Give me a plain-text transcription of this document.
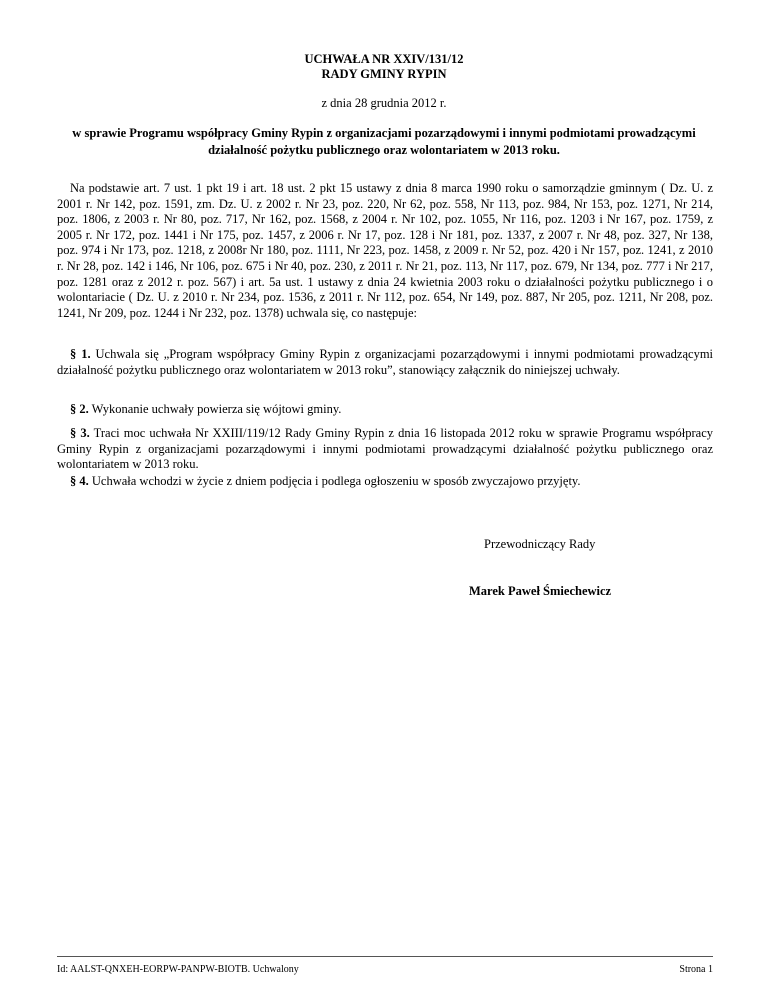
UCHWAŁA NR XXIV/131/12
RADY GMINY RYPIN
z dnia 28 grudnia 2012 r.
w sprawie Programu współpracy Gminy Rypin z organizacjami pozarządowymi i innymi podmiotami prowadzącymi działalność pożytku publicznego oraz wolontariatem w 2013 roku.
Na podstawie art. 7 ust. 1 pkt 19 i art. 18 ust. 2 pkt 15 ustawy z dnia 8 marca 1990 roku o samorządzie gminnym ( Dz. U. z 2001 r. Nr 142, poz. 1591, zm. Dz. U. z 2002 r. Nr 23, poz. 220, Nr 62, poz. 558, Nr 113, poz. 984, Nr 153, poz. 1271, Nr 214, poz. 1806, z 2003 r. Nr 80, poz. 717, Nr 162, poz. 1568, z 2004 r. Nr 102, poz. 1055, Nr 116, poz. 1203 i Nr 167, poz. 1759, z 2005 r. Nr 172, poz. 1441 i Nr 175, poz. 1457, z 2006 r. Nr 17, poz. 128 i Nr 181, poz. 1337, z 2007 r. Nr 48, poz. 327, Nr 138, poz. 974 i Nr 173, poz. 1218, z 2008r Nr 180, poz. 1111, Nr 223, poz. 1458, z 2009 r. Nr 52, poz. 420 i Nr 157, poz. 1241, z 2010 r. Nr 28, poz. 142 i 146, Nr 106, poz. 675 i Nr 40, poz. 230, z 2011 r. Nr 21, poz. 113, Nr 117, poz. 679, Nr 134, poz. 777 i Nr 217, poz. 1281 oraz z 2012 r. poz. 567) i art. 5a ust. 1 ustawy z dnia 24 kwietnia 2003 roku o działalności pożytku publicznego i o wolontariacie ( Dz. U. z 2010 r. Nr 234, poz. 1536, z 2011 r. Nr 112, poz. 654, Nr 149, poz. 887, Nr 205, poz. 1211, Nr 208, poz. 1241, Nr 209, poz. 1244 i Nr 232, poz. 1378) uchwala się, co następuje:
§ 1. Uchwala się „Program współpracy Gminy Rypin z organizacjami pozarządowymi i innymi podmiotami prowadzącymi działalność pożytku publicznego oraz wolontariatem w 2013 roku”, stanowiący załącznik do niniejszej uchwały.
§ 2. Wykonanie uchwały powierza się wójtowi gminy.
§ 3. Traci moc uchwała Nr XXIII/119/12 Rady Gminy Rypin z dnia 16 listopada 2012 roku w sprawie Programu współpracy Gminy Rypin z organizacjami pozarządowymi i innymi podmiotami prowadzącymi działalność pożytku publicznego oraz wolontariatem w 2013 roku.
§ 4. Uchwała wchodzi w życie z dniem podjęcia i podlega ogłoszeniu w sposób zwyczajowo przyjęty.
Przewodniczący Rady
Marek Paweł Śmiechewicz
Id: AALST-QNXEH-EORPW-PANPW-BIOTB. Uchwalony	Strona 1
